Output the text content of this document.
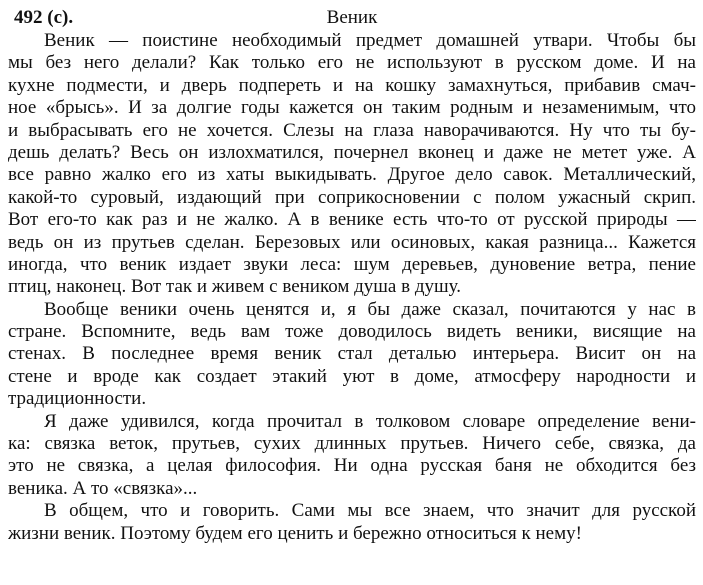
492 (с).	Веник
Веник — поистине необходимый предмет домашней утвари. Чтобы бы
мы без него делали? Как только его не используют в русском доме. И на
кухне подмести, и дверь подпереть и на кошку замахнуться, прибавив смач-
ное «брысь». И за долгие годы кажется он таким родным и незаменимым, что
и выбрасывать его не хочется. Слезы на глаза наворачиваются. Ну что ты бу-
дешь делать? Весь он излохматился, почернел вконец и даже не метет уже. А
все равно жалко его из хаты выкидывать. Другое дело савок. Металлический,
какой-то суровый, издающий при соприкосновении с полом ужасный скрип.
Вот его-то как раз и не жалко. А в венике есть что-то от русской природы —
ведь он из прутьев сделан. Березовых или осиновых, какая разница... Кажется
иногда, что веник издает звуки леса: шум деревьев, дуновение ветра, пение
птиц, наконец. Вот так и живем с веником душа в душу.
Вообще веники очень ценятся и, я бы даже сказал, почитаются у нас в
стране. Вспомните, ведь вам тоже доводилось видеть веники, висящие на
стенах. В последнее время веник стал деталью интерьера. Висит он на
стене и вроде как создает этакий уют в доме, атмосферу народности и
традиционности.
Я даже удивился, когда прочитал в толковом словаре определение вени-
ка: связка веток, прутьев, сухих длинных прутьев. Ничего себе, связка, да
это не связка, а целая философия. Ни одна русская баня не обходится без
веника. А то «связка»...
В общем, что и говорить. Сами мы все знаем, что значит для русской
жизни веник. Поэтому будем его ценить и бережно относиться к нему!
